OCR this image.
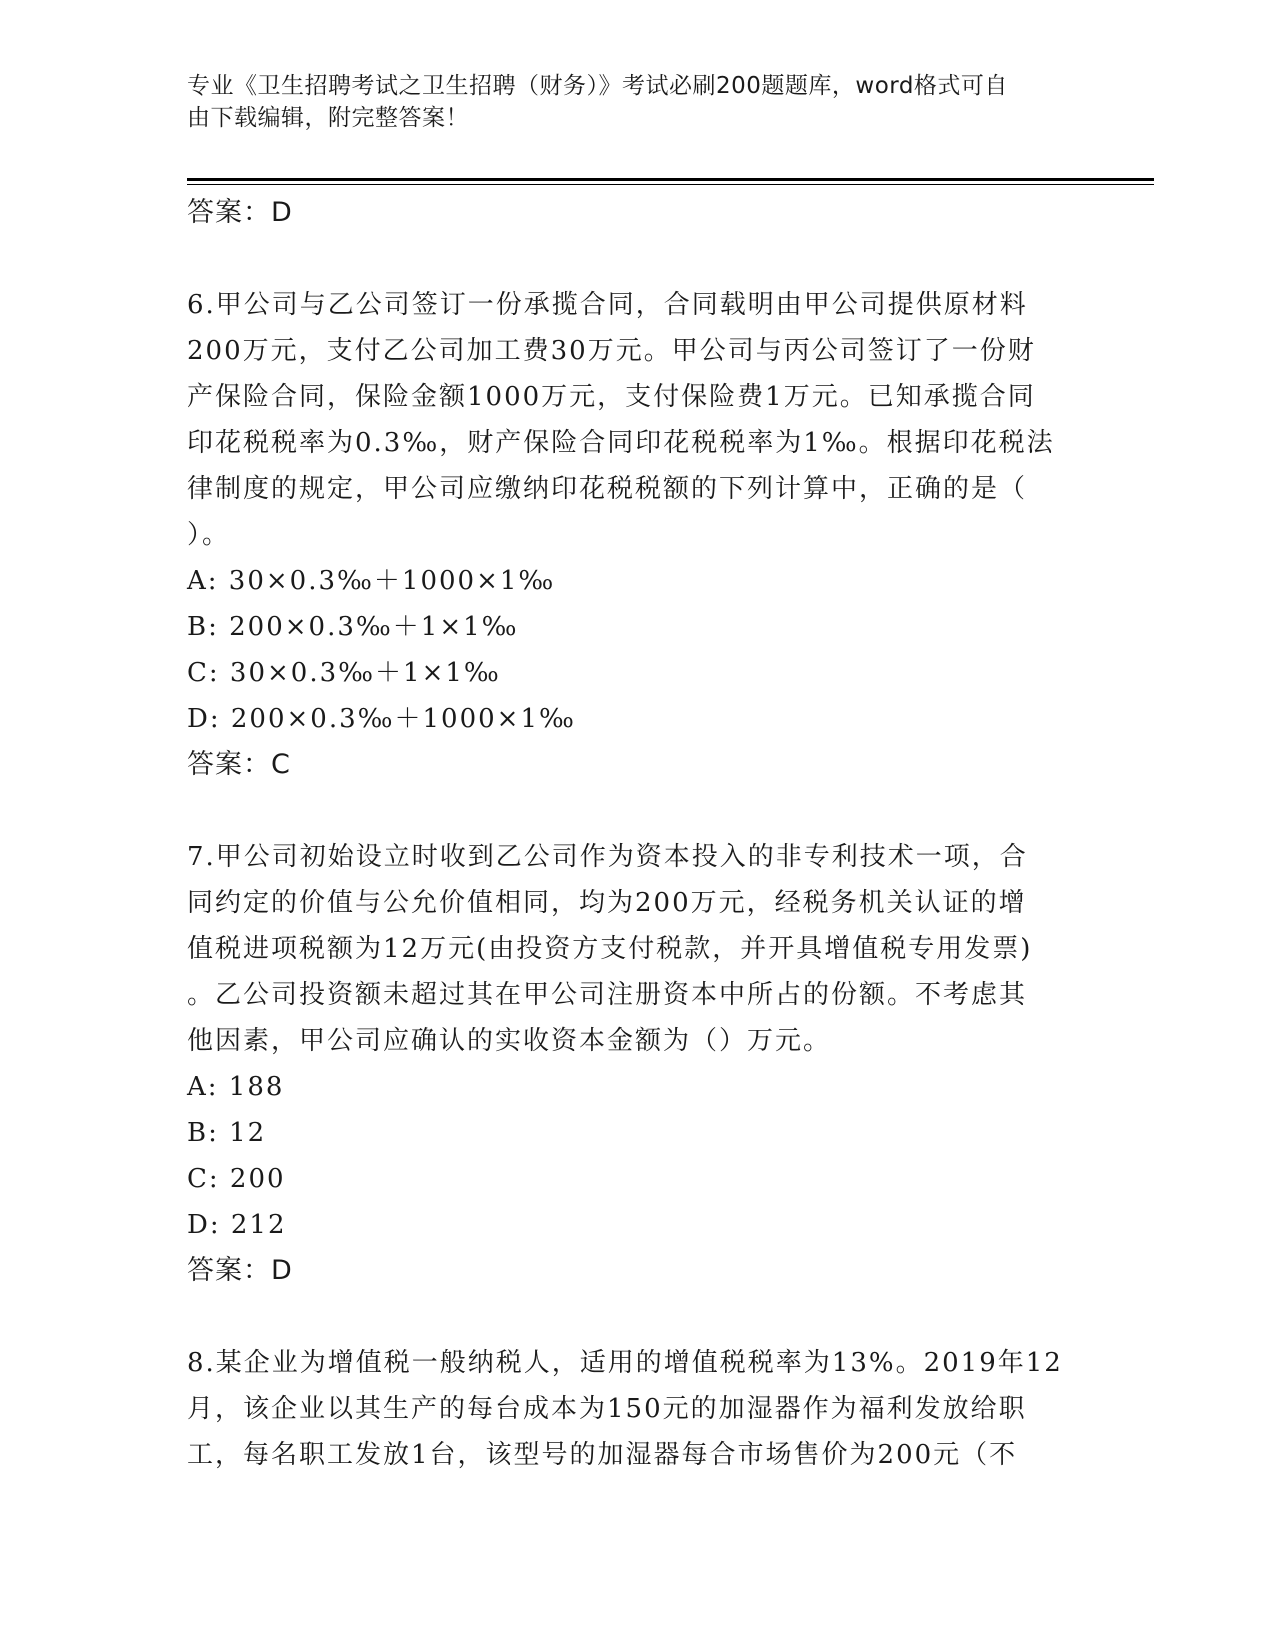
专业《卫生招聘考试之卫生招聘（财务）》考试必刷200题题库，word格式可自
由下载编辑，附完整答案！
答案：D
6.甲公司与乙公司签订一份承揽合同，合同载明由甲公司提供原材料
200万元，支付乙公司加工费30万元。甲公司与丙公司签订了一份财
产保险合同，保险金额1000万元，支付保险费1万元。已知承揽合同
印花税税率为0.3‰，财产保险合同印花税税率为1‰。根据印花税法
律制度的规定，甲公司应缴纳印花税税额的下列计算中，正确的是（
）。
A: 30×0.3‰＋1000×1‰
B: 200×0.3‰＋1×1‰
C: 30×0.3‰＋1×1‰
D: 200×0.3‰＋1000×1‰
答案：C
7.甲公司初始设立时收到乙公司作为资本投入的非专利技术一项，合
同约定的价值与公允价值相同，均为200万元，经税务机关认证的增
值税进项税额为12万元(由投资方支付税款，并开具增值税专用发票)
。乙公司投资额未超过其在甲公司注册资本中所占的份额。不考虑其
他因素，甲公司应确认的实收资本金额为（）万元。
A: 188
B: 12
C: 200
D: 212
答案：D
8.某企业为增值税一般纳税人，适用的增值税税率为13%。2019年12
月，该企业以其生产的每台成本为150元的加湿器作为福利发放给职
工，每名职工发放1台，该型号的加湿器每合市场售价为200元（不
